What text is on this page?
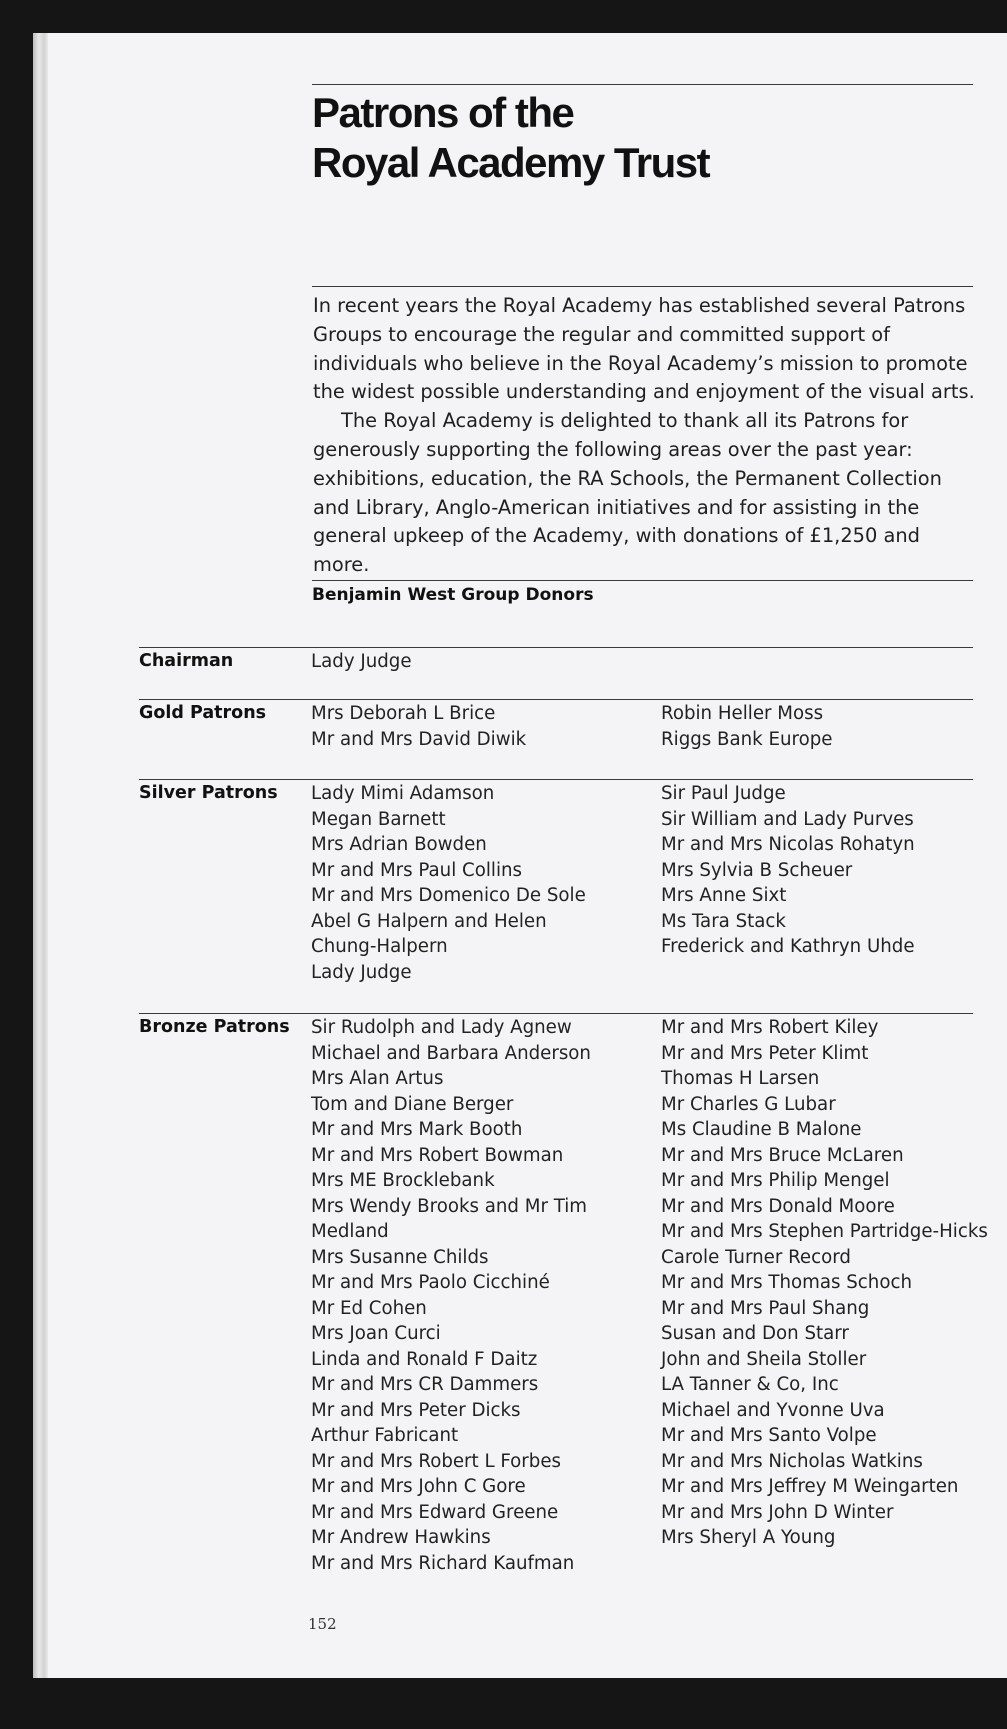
Patrons of the
Royal Academy Trust

In recent years the Royal Academy has established several Patrons Groups to encourage the regular and committed support of individuals who believe in the Royal Academy’s mission to promote the widest possible understanding and enjoyment of the visual arts.

The Royal Academy is delighted to thank all its Patrons for generously supporting the following areas over the past year: exhibitions, education, the RA Schools, the Permanent Collection and Library, Anglo-American initiatives and for assisting in the general upkeep of the Academy, with donations of £1,250 and more.

Benjamin West Group Donors
Chairman	Lady Judge
Gold Patrons Mrs Deborah L Brice
Mr and Mrs David Diwik
Robin Heller Moss
Riggs Bank Europe
Silver Patrons Lady Mimi Adamson
Megan Barnett
Mrs Adrian Bowden
Mr and Mrs Paul Collins
Mr and Mrs Domenico De Sole
Abel G Halpern and Helen
Chung-Halpern
Lady Judge
Sir Paul Judge
Sir William and Lady Purves
Mr and Mrs Nicolas Rohatyn
Mrs Sylvia B Scheuer
Mrs Anne Sixt
Ms Tara Stack
Frederick and Kathryn Uhde
Bronze Patrons Sir Rudolph and Lady Agnew
Michael and Barbara Anderson
Mrs Alan Artus
Tom and Diane Berger
Mr and Mrs Mark Booth
Mr and Mrs Robert Bowman
Mrs ME Brocklebank
Mrs Wendy Brooks and Mr Tim
Medland
Mrs Susanne Childs
Mr and Mrs Paolo Cicchiné
Mr Ed Cohen
Mrs Joan Curci
Linda and Ronald F Daitz
Mr and Mrs CR Dammers
Mr and Mrs Peter Dicks
Arthur Fabricant
Mr and Mrs Robert L Forbes
Mr and Mrs John C Gore
Mr and Mrs Edward Greene
Mr Andrew Hawkins
Mr and Mrs Richard Kaufman
Mr and Mrs Robert Kiley
Mr and Mrs Peter Klimt
Thomas H Larsen
Mr Charles G Lubar
Ms Claudine B Malone
Mr and Mrs Bruce McLaren
Mr and Mrs Philip Mengel
Mr and Mrs Donald Moore
Mr and Mrs Stephen Partridge-Hicks
Carole Turner Record
Mr and Mrs Thomas Schoch
Mr and Mrs Paul Shang
Susan and Don Starr
John and Sheila Stoller
LA Tanner & Co, Inc
Michael and Yvonne Uva
Mr and Mrs Santo Volpe
Mr and Mrs Nicholas Watkins
Mr and Mrs Jeffrey M Weingarten
Mr and Mrs John D Winter
Mrs Sheryl A Young
152
